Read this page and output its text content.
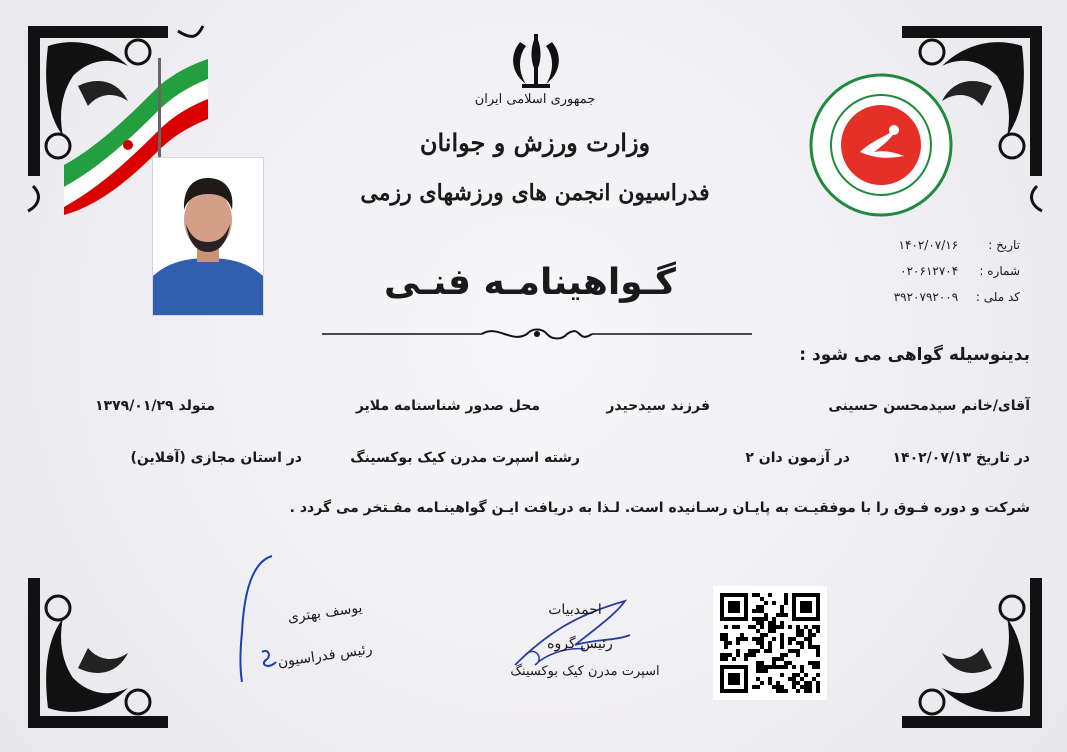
جمهوری اسلامی ایران
وزارت ورزش و جوانان
فدراسیون انجمن های ورزشهای رزمی
تاریخ : ۱۴۰۲/۰۷/۱۶
شماره : ۰۲۰۶۱۲۷۰۴
کد ملی : ۳۹۲۰۷۹۲۰۰۹
گـواهینامـه فنـی
بدینوسیله گواهی می شود :
آقای/خانم سیدمحسن حسینی
فرزند سیدحیدر
محل صدور شناسنامه ملایر
متولد ۱۳۷۹/۰۱/۲۹
در تاریخ ۱۴۰۲/۰۷/۱۳
در آزمون دان ۲
رشته اسپرت مدرن کیک بوکسینگ
در استان مجازی (آفلاین)
شرکت و دوره فـوق را با موفقیـت به پایـان رسـانیده است. لـذا به دریافت ایـن گواهینـامه مفـتخر می گردد .
یوسف بهتری
رئیس فدراسیون
احمدبیات
رئیس گروه
اسپرت مدرن کیک بوکسینگ
